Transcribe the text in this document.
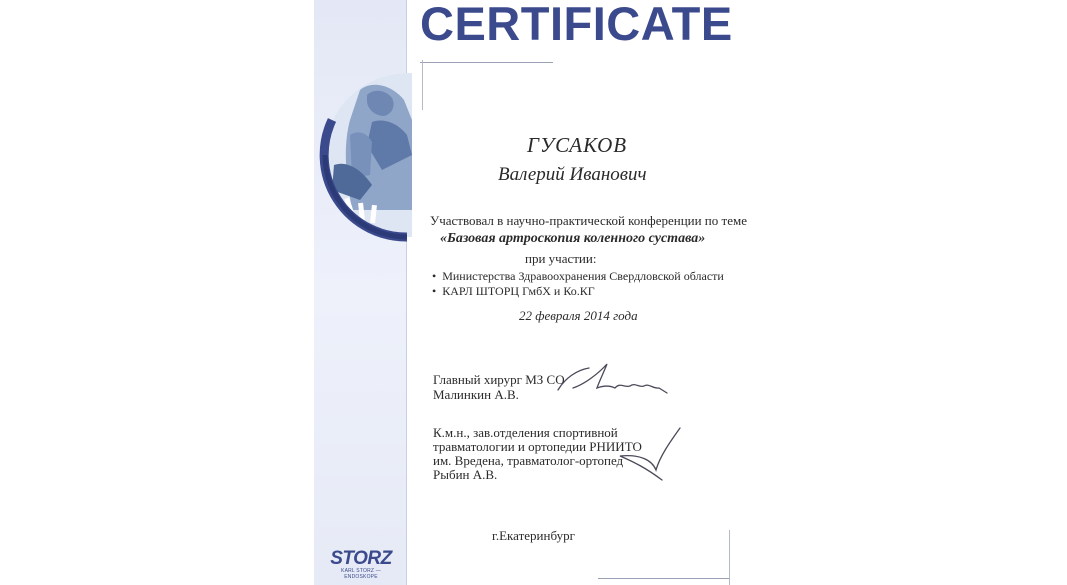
CERTIFICATE
ГУСАКОВ
Валерий Иванович
Участвовал в научно-практической конференции по теме
«Базовая артроскопия коленного сустава»
при участии:
• Министерства Здравоохранения Свердловской области
• КАРЛ ШТОРЦ ГмбХ и Ко.КГ
22 февраля 2014 года
Главный хирург МЗ СО
Малинкин А.В.
К.м.н., зав.отделения спортивной
травматологии и ортопедии РНИИТО
им. Вредена, травматолог-ортопед
Рыбин А.В.
г.Екатеринбург
STORZ
KARL STORZ — ENDOSKOPE
